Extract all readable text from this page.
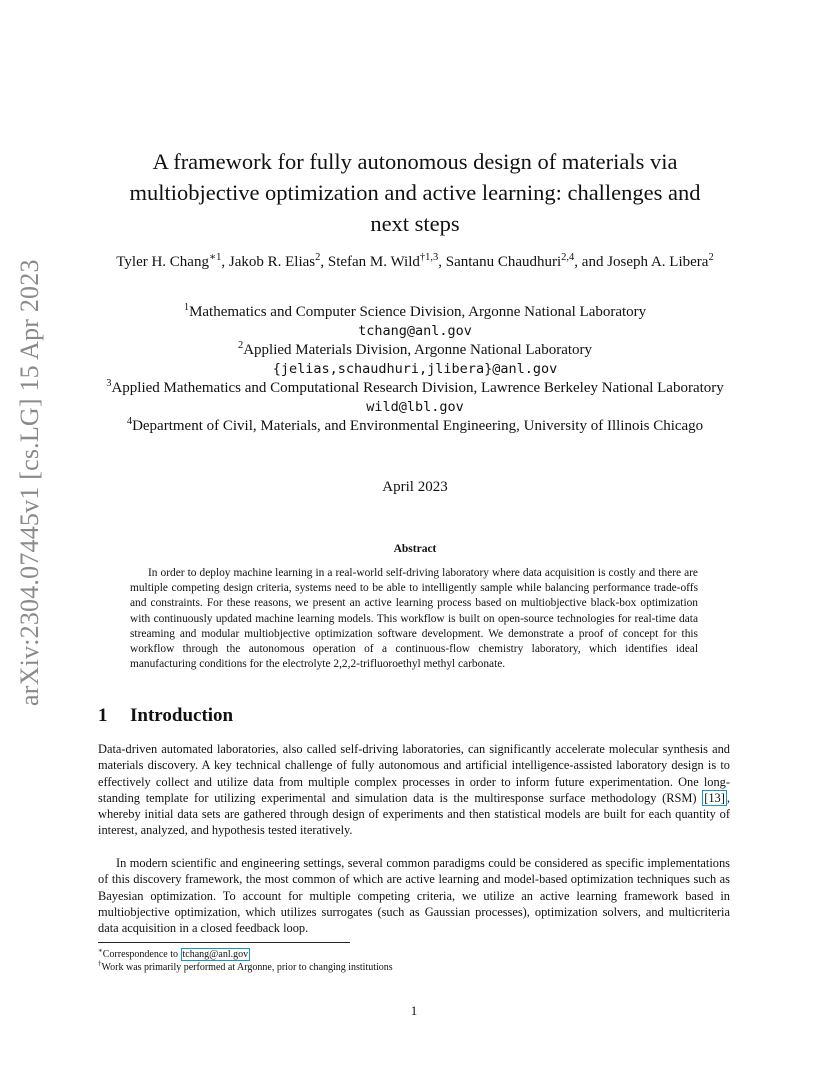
arXiv:2304.07445v1 [cs.LG] 15 Apr 2023
A framework for fully autonomous design of materials via
multiobjective optimization and active learning: challenges and
next steps
Tyler H. Chang$^{∗1}$, Jakob R. Elias$^2$, Stefan M. Wild$^{\dagger 1,3}$, Santanu Chaudhuri$^{2,4}$, and Joseph A. Libera$^2$
$^1$Mathematics and Computer Science Division, Argonne National Laboratory
tchang@anl.gov
$^2$Applied Materials Division, Argonne National Laboratory
{jelias,schaudhuri,jlibera}@anl.gov
$^3$Applied Mathematics and Computational Research Division, Lawrence Berkeley National Laboratory wild@lbl.gov
$^4$Department of Civil, Materials, and Environmental Engineering, University of Illinois Chicago
April 2023
Abstract
In order to deploy machine learning in a real-world self-driving laboratory where data acquisition is costly and there are multiple competing design criteria, systems need to be able to intelligently sample while balancing performance trade-offs and constraints. For these reasons, we present an active learning process based on multiobjective black-box optimization with continuously updated machine learning models. This workflow is built on open-source technologies for real-time data streaming and modular multiobjective optimization software development. We demonstrate a proof of concept for this workflow through the autonomous operation of a continuous-flow chemistry laboratory, which identifies ideal manufacturing conditions for the electrolyte 2,2,2-trifluoroethyl methyl carbonate.
1 Introduction
Data-driven automated laboratories, also called self-driving laboratories, can significantly accelerate molecular synthesis and materials discovery. A key technical challenge of fully autonomous and artificial intelligence-assisted laboratory design is to effectively collect and utilize data from multiple complex processes in order to inform future experimentation. One long-standing template for utilizing experimental and simulation data is the multiresponse surface methodology (RSM) [13] , whereby initial data sets are gathered through design of experiments and then statistical models are built for each quantity of interest, analyzed, and hypothesis tested iteratively.
In modern scientific and engineering settings, several common paradigms could be considered as specific implementations of this discovery framework, the most common of which are active learning and model-based optimization techniques such as Bayesian optimization. To account for multiple competing criteria, we utilize an active learning framework based in multiobjective optimization, which utilizes surrogates (such as Gaussian processes), optimization solvers, and multicriteria data acquisition in a closed feedback loop.
∗Correspondence to tchang@anl.gov
†Work was primarily performed at Argonne, prior to changing institutions
1
